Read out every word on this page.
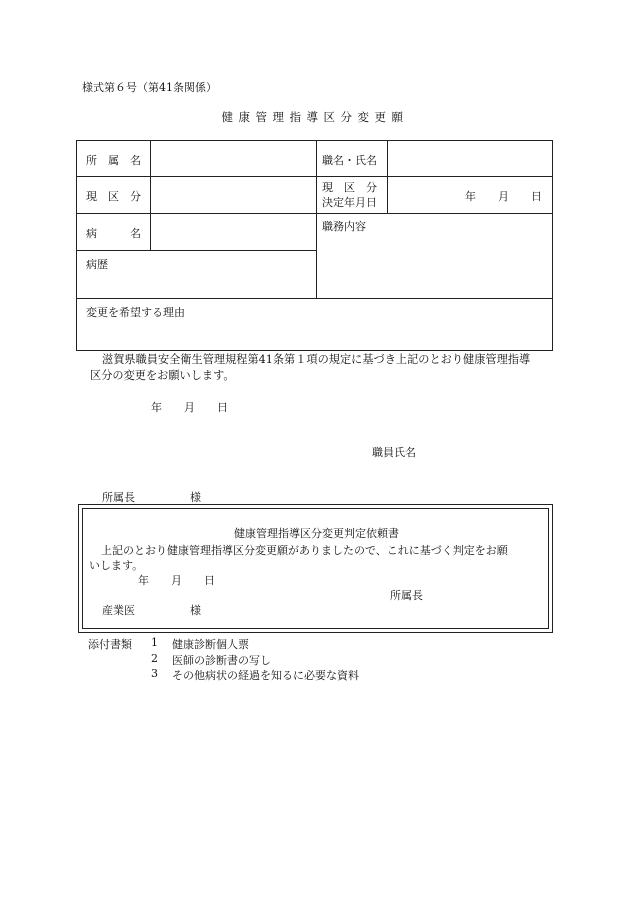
様式第６号（第41条関係）
健康管理指導区分変更願
所属名	職名・氏名
現区分
現　区　分
決定年月日	年　　月　　日
病名
職務内容
病歴
変更を希望する理由

滋賀県職員安全衛生管理規程第41条第１項の規定に基づき上記のとおり健康管理指導

区分の変更をお願いします。

年　　月　　日
職員氏名
所属長　　　　　様
健康管理指導区分変更判定依頼書
上記のとおり健康管理指導区分変更願がありましたので、これに基づく判定をお願
いします。
年　　月　　日
所属長
産業医　　　　　様
添付書類 1 健康診断個人票
2 医師の診断書の写し
3 その他病状の経過を知るに必要な資料
